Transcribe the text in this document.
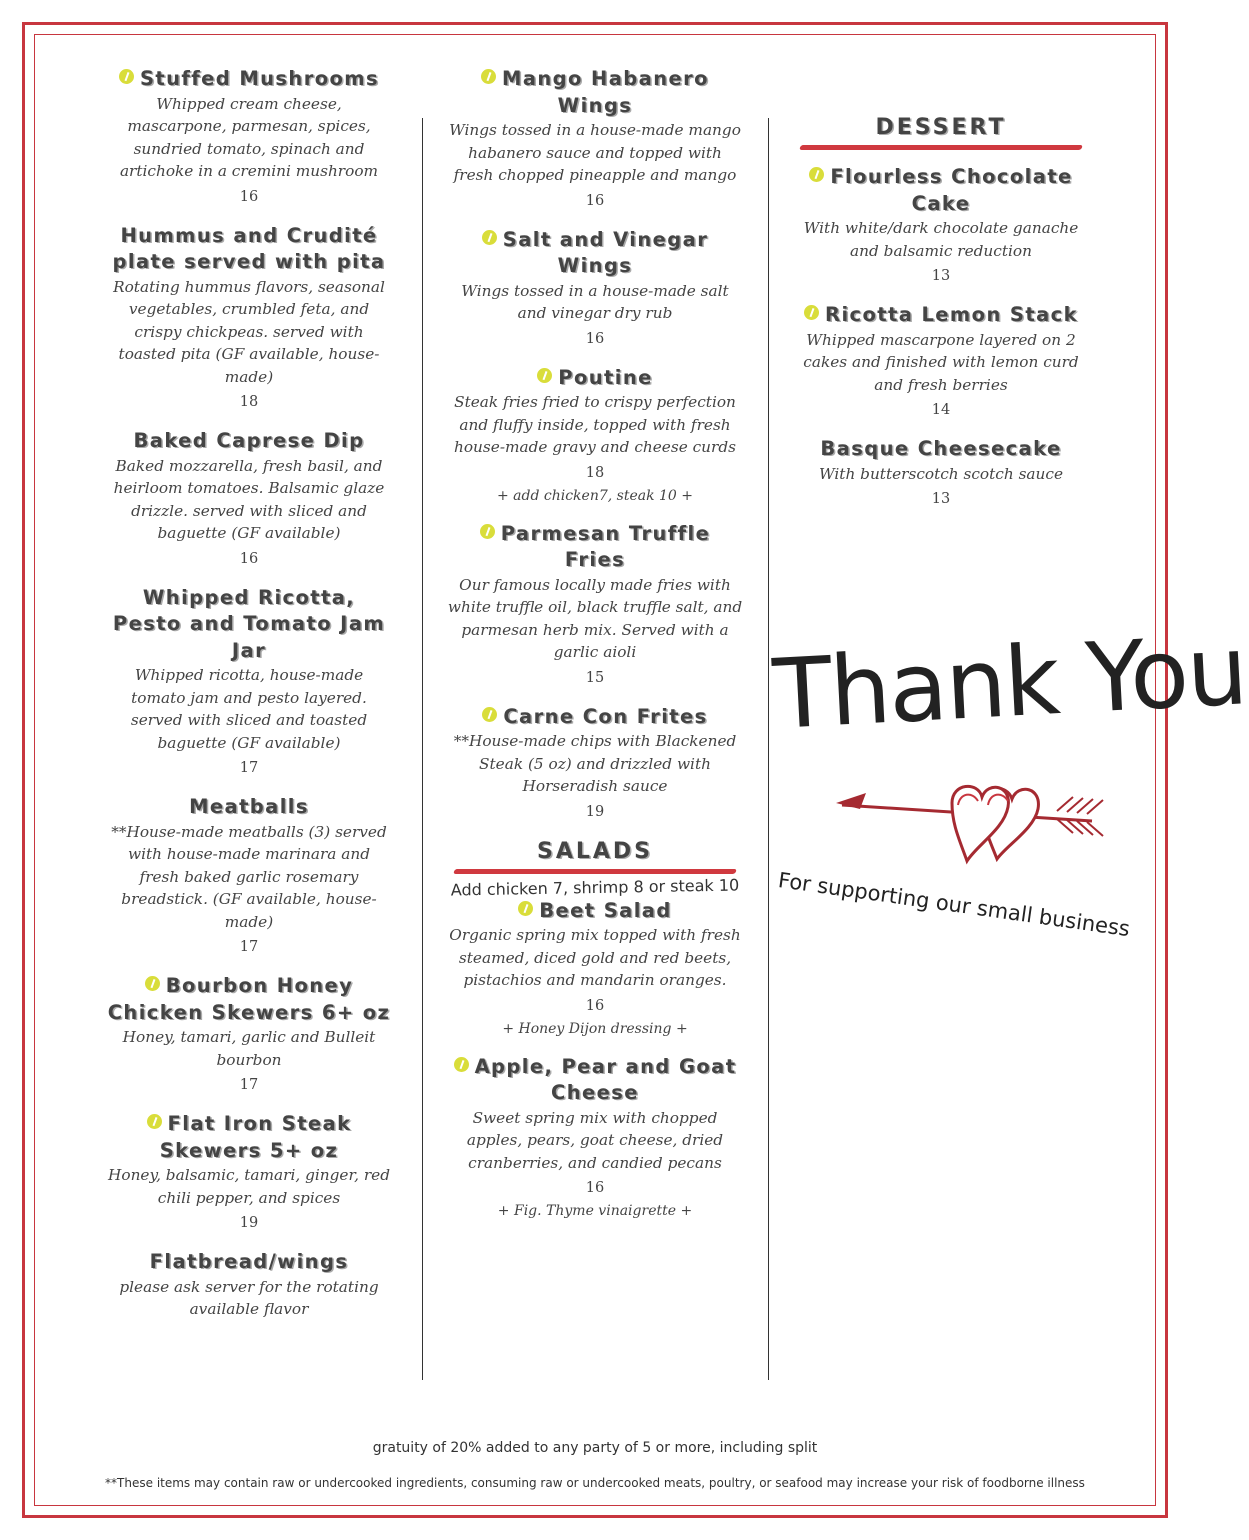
Stuffed Mushrooms
Whipped cream cheese, mascarpone, parmesan, spices, sundried tomato, spinach and artichoke in a cremini mushroom
16
Hummus and Crudité plate served with pita
Rotating hummus flavors, seasonal vegetables, crumbled feta, and crispy chickpeas. served with toasted pita (GF available, house-made)
18
Baked Caprese Dip
Baked mozzarella, fresh basil, and heirloom tomatoes. Balsamic glaze drizzle. served with sliced and baguette (GF available)
16
Whipped Ricotta, Pesto and Tomato Jam Jar
Whipped ricotta, house-made tomato jam and pesto layered. served with sliced and toasted baguette (GF available)
17
Meatballs
**House-made meatballs (3) served with house-made marinara and fresh baked garlic rosemary breadstick. (GF available, house-made)
17
Bourbon Honey Chicken Skewers 6+ oz
Honey, tamari, garlic and Bulleit bourbon
17
Flat Iron Steak Skewers 5+ oz
Honey, balsamic, tamari, ginger, red chili pepper, and spices
19
Flatbread/wings
please ask server for the rotating available flavor
Mango Habanero Wings
Wings tossed in a house-made mango habanero sauce and topped with fresh chopped pineapple and mango
16
Salt and Vinegar Wings
Wings tossed in a house-made salt and vinegar dry rub
16
Poutine
Steak fries fried to crispy perfection and fluffy inside, topped with fresh house-made gravy and cheese curds
18
+ add chicken7, steak 10 +
Parmesan Truffle Fries
Our famous locally made fries with white truffle oil, black truffle salt, and parmesan herb mix. Served with a garlic aioli
15
Carne Con Frites
**House-made chips with Blackened Steak (5 oz) and drizzled with Horseradish sauce
19
SALADS
Add chicken 7, shrimp 8 or steak 10
Beet Salad
Organic spring mix topped with fresh steamed, diced gold and red beets, pistachios and mandarin oranges.
16
+ Honey Dijon dressing +
Apple, Pear and Goat Cheese
Sweet spring mix with chopped apples, pears, goat cheese, dried cranberries, and candied pecans
16
+ Fig. Thyme vinaigrette +
DESSERT
Flourless Chocolate Cake
With white/dark chocolate ganache and balsamic reduction
13
Ricotta Lemon Stack
Whipped mascarpone layered on 2 cakes and finished with lemon curd and fresh berries
14
Basque Cheesecake
With butterscotch scotch sauce
13
Thank You
For supporting our small business
gratuity of 20% added to any party of 5 or more, including split
**These items may contain raw or undercooked ingredients, consuming raw or undercooked meats, poultry, or seafood may increase your risk of foodborne illness
